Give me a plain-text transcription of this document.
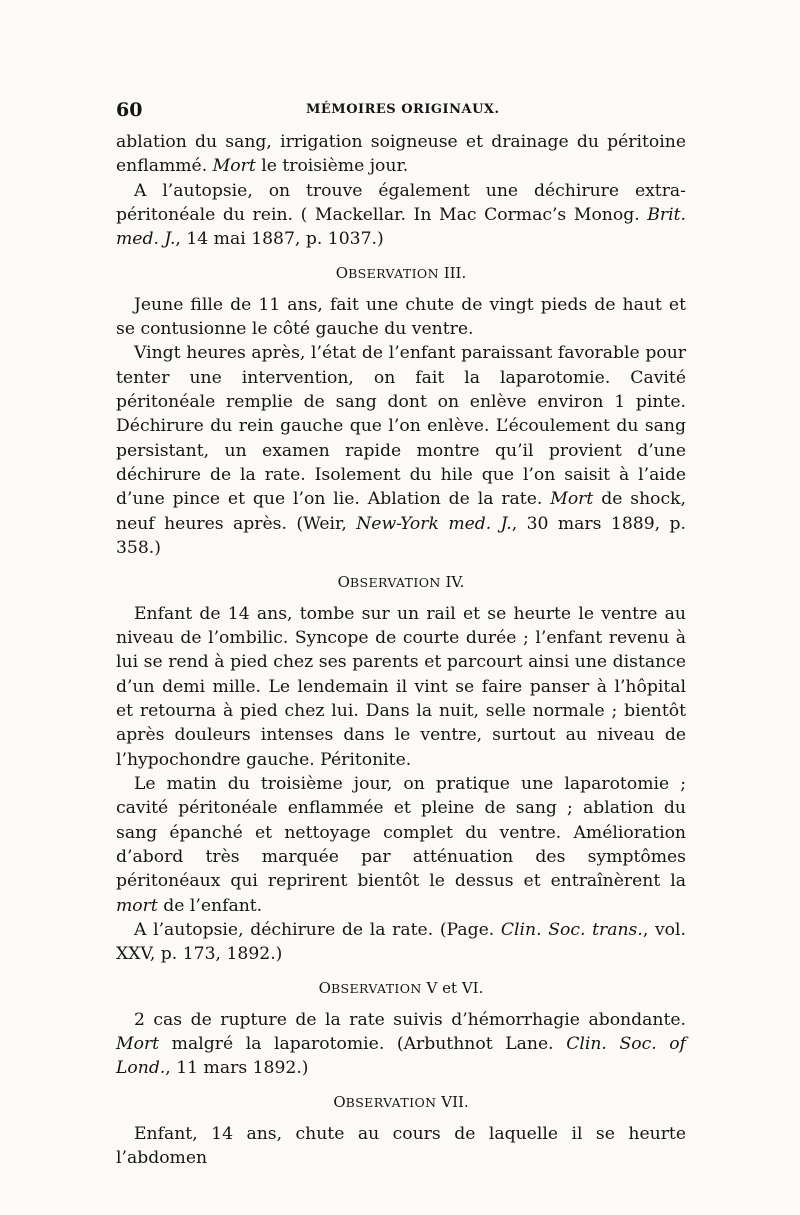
60	MÉMOIRES ORIGINAUX.

ablation du sang, irrigation soigneuse et drainage du péritoine enflammé. Mort le troisième jour.

A l’autopsie, on trouve également une déchirure extra-péritonéale du rein. ( Mackellar. In Mac Cormac’s Monog. Brit. med. J., 14 mai 1887, p. 1037.)

OBSERVATION III.

Jeune fille de 11 ans, fait une chute de vingt pieds de haut et se contusionne le côté gauche du ventre.

Vingt heures après, l’état de l’enfant paraissant favorable pour tenter une intervention, on fait la laparotomie. Cavité péritonéale remplie de sang dont on enlève environ 1 pinte. Déchirure du rein gauche que l’on enlève. L’écoulement du sang persistant, un examen rapide montre qu’il provient d’une déchirure de la rate. Isolement du hile que l’on saisit à l’aide d’une pince et que l’on lie. Ablation de la rate. Mort de shock, neuf heures après. (Weir, New-York med. J., 30 mars 1889, p. 358.)

OBSERVATION IV.

Enfant de 14 ans, tombe sur un rail et se heurte le ventre au niveau de l’ombilic. Syncope de courte durée ; l’enfant revenu à lui se rend à pied chez ses parents et parcourt ainsi une distance d’un demi mille. Le lendemain il vint se faire panser à l’hôpital et retourna à pied chez lui. Dans la nuit, selle normale ; bientôt après douleurs intenses dans le ventre, surtout au niveau de l’hypochondre gauche. Péritonite.

Le matin du troisième jour, on pratique une laparotomie ; cavité péritonéale enflammée et pleine de sang ; ablation du sang épanché et nettoyage complet du ventre. Amélioration d’abord très marquée par atténuation des symptômes péritonéaux qui reprirent bientôt le dessus et entraînèrent la mort de l’enfant.

A l’autopsie, déchirure de la rate. (Page. Clin. Soc. trans., vol. XXV, p. 173, 1892.)

OBSERVATION V et VI.

2 cas de rupture de la rate suivis d’hémorrhagie abondante. Mort malgré la laparotomie. (Arbuthnot Lane. Clin. Soc. of Lond., 11 mars 1892.)

OBSERVATION VII.

Enfant, 14 ans, chute au cours de laquelle il se heurte l’abdomen
